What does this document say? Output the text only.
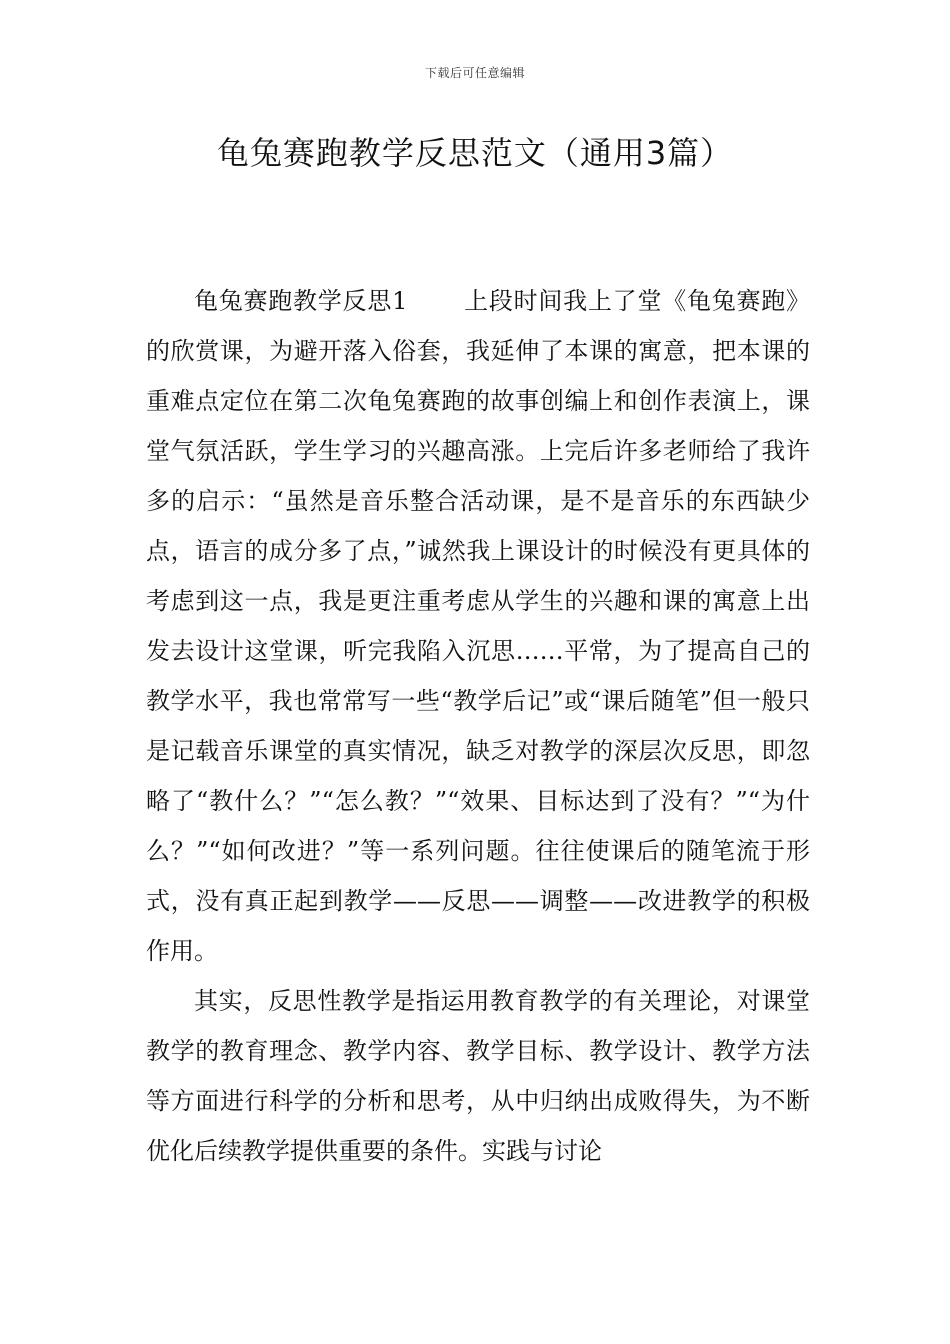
下载后可任意编辑
龟兔赛跑教学反思范文（通用3篇）

龟兔赛跑教学反思1 上段时间我上了堂《龟兔赛跑》的欣赏课，为避开落入俗套，我延伸了本课的寓意，把本课的重难点定位在第二次龟兔赛跑的故事创编上和创作表演上，课堂气氛活跃，学生学习的兴趣高涨。上完后许多老师给了我许多的启示：“虽然是音乐整合活动课，是不是音乐的东西缺少点，语言的成分多了点，”诚然我上课设计的时候没有更具体的考虑到这一点，我是更注重考虑从学生的兴趣和课的寓意上出发去设计这堂课，听完我陷入沉思……平常，为了提高自己的教学水平，我也常常写一些“教学后记”或“课后随笔”但一般只是记载音乐课堂的真实情况，缺乏对教学的深层次反思，即忽略了“教什么？”“怎么教？”“效果、目标达到了没有？”“为什么？”“如何改进？”等一系列问题。往往使课后的随笔流于形式，没有真正起到教学——反思——调整——改进教学的积极作用。

其实，反思性教学是指运用教育教学的有关理论，对课堂教学的教育理念、教学内容、教学目标、教学设计、教学方法等方面进行科学的分析和思考，从中归纳出成败得失，为不断优化后续教学提供重要的条件。实践与讨论
